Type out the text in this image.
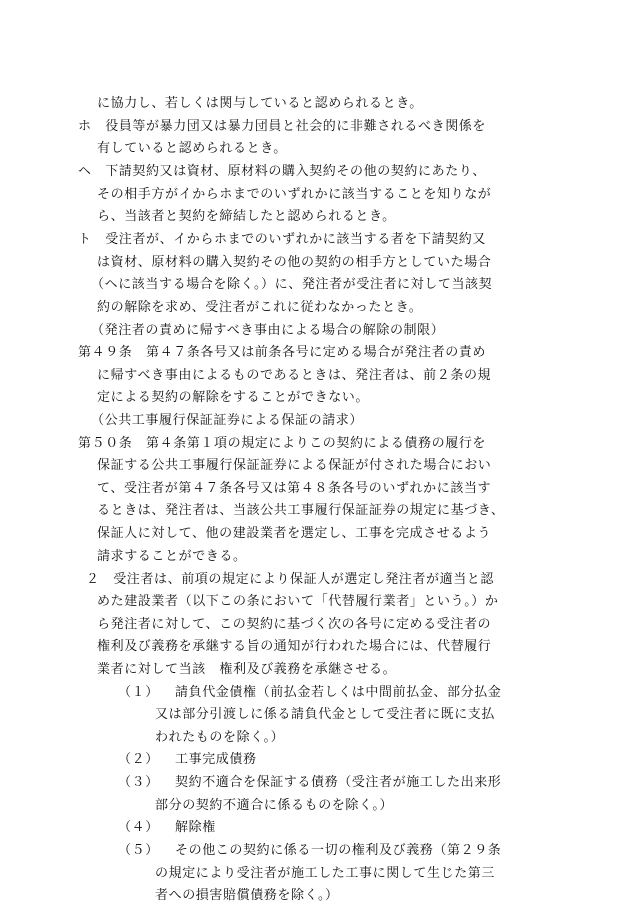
に協力し、若しくは関与していると認められるとき。
ホ　役員等が暴力団又は暴力団員と社会的に非難されるべき関係を
有していると認められるとき。
ヘ　下請契約又は資材、原材料の購入契約その他の契約にあたり、
その相手方がイからホまでのいずれかに該当することを知りなが
ら、当該者と契約を締結したと認められるとき。
ト　受注者が、イからホまでのいずれかに該当する者を下請契約又
は資材、原材料の購入契約その他の契約の相手方としていた場合
（ヘに該当する場合を除く。）に、発注者が受注者に対して当該契
約の解除を求め、受注者がこれに従わなかったとき。
（発注者の責めに帰すべき事由による場合の解除の制限）
第４９条　第４７条各号又は前条各号に定める場合が発注者の責め
に帰すべき事由によるものであるときは、発注者は、前２条の規
定による契約の解除をすることができない。
（公共工事履行保証証券による保証の請求）
第５０条　第４条第１項の規定によりこの契約による債務の履行を
保証する公共工事履行保証証券による保証が付された場合におい
て、受注者が第４７条各号又は第４８条各号のいずれかに該当す
るときは、発注者は、当該公共工事履行保証証券の規定に基づき、
保証人に対して、他の建設業者を選定し、工事を完成させるよう
請求することができる。
２　受注者は、前項の規定により保証人が選定し発注者が適当と認
めた建設業者（以下この条において「代替履行業者」という。）か
ら発注者に対して、この契約に基づく次の各号に定める受注者の
権利及び義務を承継する旨の通知が行われた場合には、代替履行
業者に対して当該　権利及び義務を承継させる。
（１） 請負代金債権（前払金若しくは中間前払金、部分払金
又は部分引渡しに係る請負代金として受注者に既に支払
われたものを除く。）
（２） 工事完成債務
（３） 契約不適合を保証する債務（受注者が施工した出来形
部分の契約不適合に係るものを除く。）
（４） 解除権
（５） その他この契約に係る一切の権利及び義務（第２９条
の規定により受注者が施工した工事に関して生じた第三
者への損害賠償債務を除く。）
